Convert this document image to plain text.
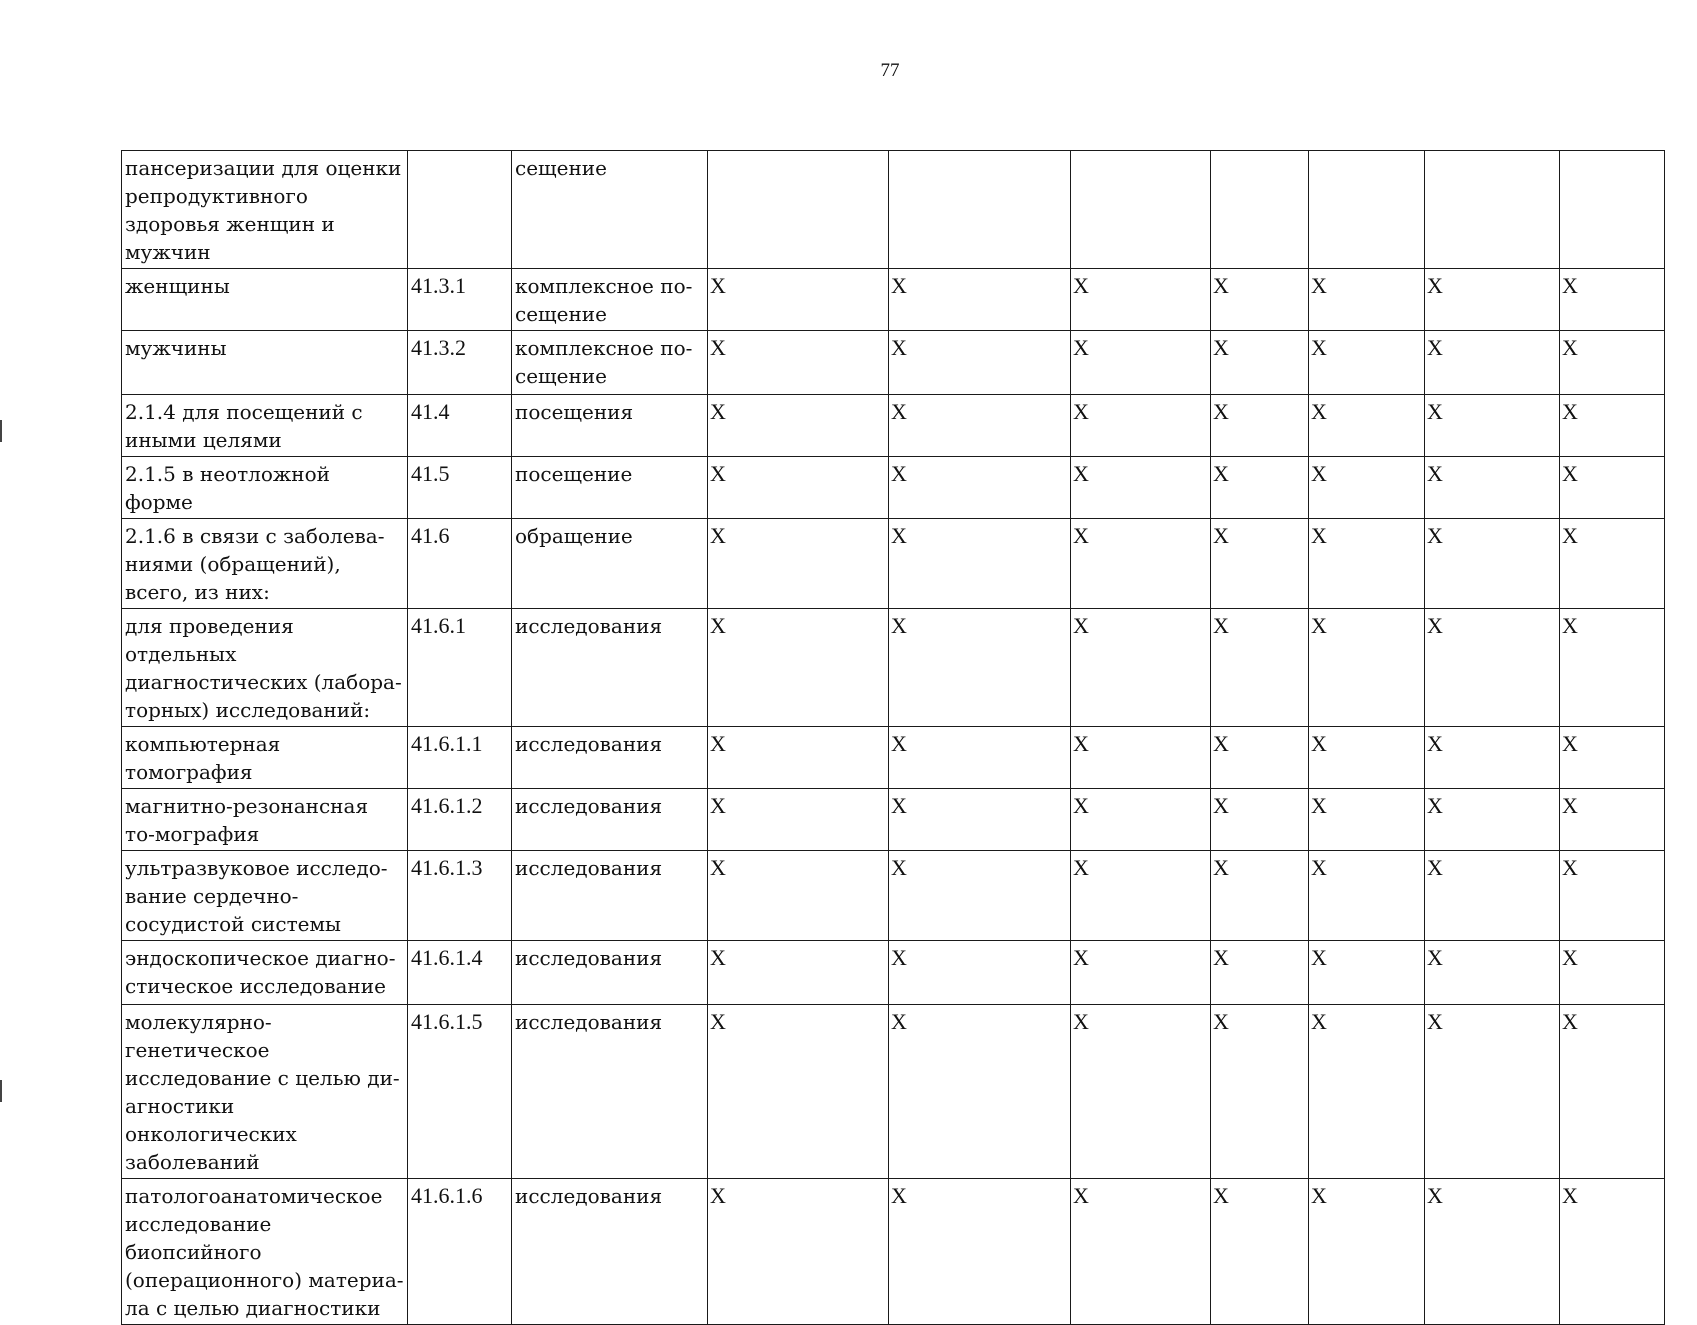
77
пансеризации для оценки репродуктивного здоровья женщин и мужчин		сещение							
женщины	41.3.1	комплексное по-сещение	X	X	X	X	X	X	X
мужчины	41.3.2	комплексное по-сещение	X	X	X	X	X	X	X
2.1.4 для посещений с иными целями	41.4	посещения	X	X	X	X	X	X	X
2.1.5 в неотложной форме	41.5	посещение	X	X	X	X	X	X	X
2.1.6 в связи с заболева-ниями (обращений), всего, из них:	41.6	обращение	X	X	X	X	X	X	X
для проведения отдельных диагностических (лабора-торных) исследований:	41.6.1	исследования	X	X	X	X	X	X	X
компьютерная томография	41.6.1.1	исследования	X	X	X	X	X	X	X
магнитно-резонансная то-мография	41.6.1.2	исследования	X	X	X	X	X	X	X
ультразвуковое исследо-вание сердечно-сосудистой системы	41.6.1.3	исследования	X	X	X	X	X	X	X
эндоскопическое диагно-стическое исследование	41.6.1.4	исследования	X	X	X	X	X	X	X
молекулярно-генетическое исследование с целью ди-агностики онкологических заболеваний	41.6.1.5	исследования	X	X	X	X	X	X	X
патологоанатомическое исследование биопсийного (операционного) материа-ла с целью диагностики	41.6.1.6	исследования	X	X	X	X	X	X	X
